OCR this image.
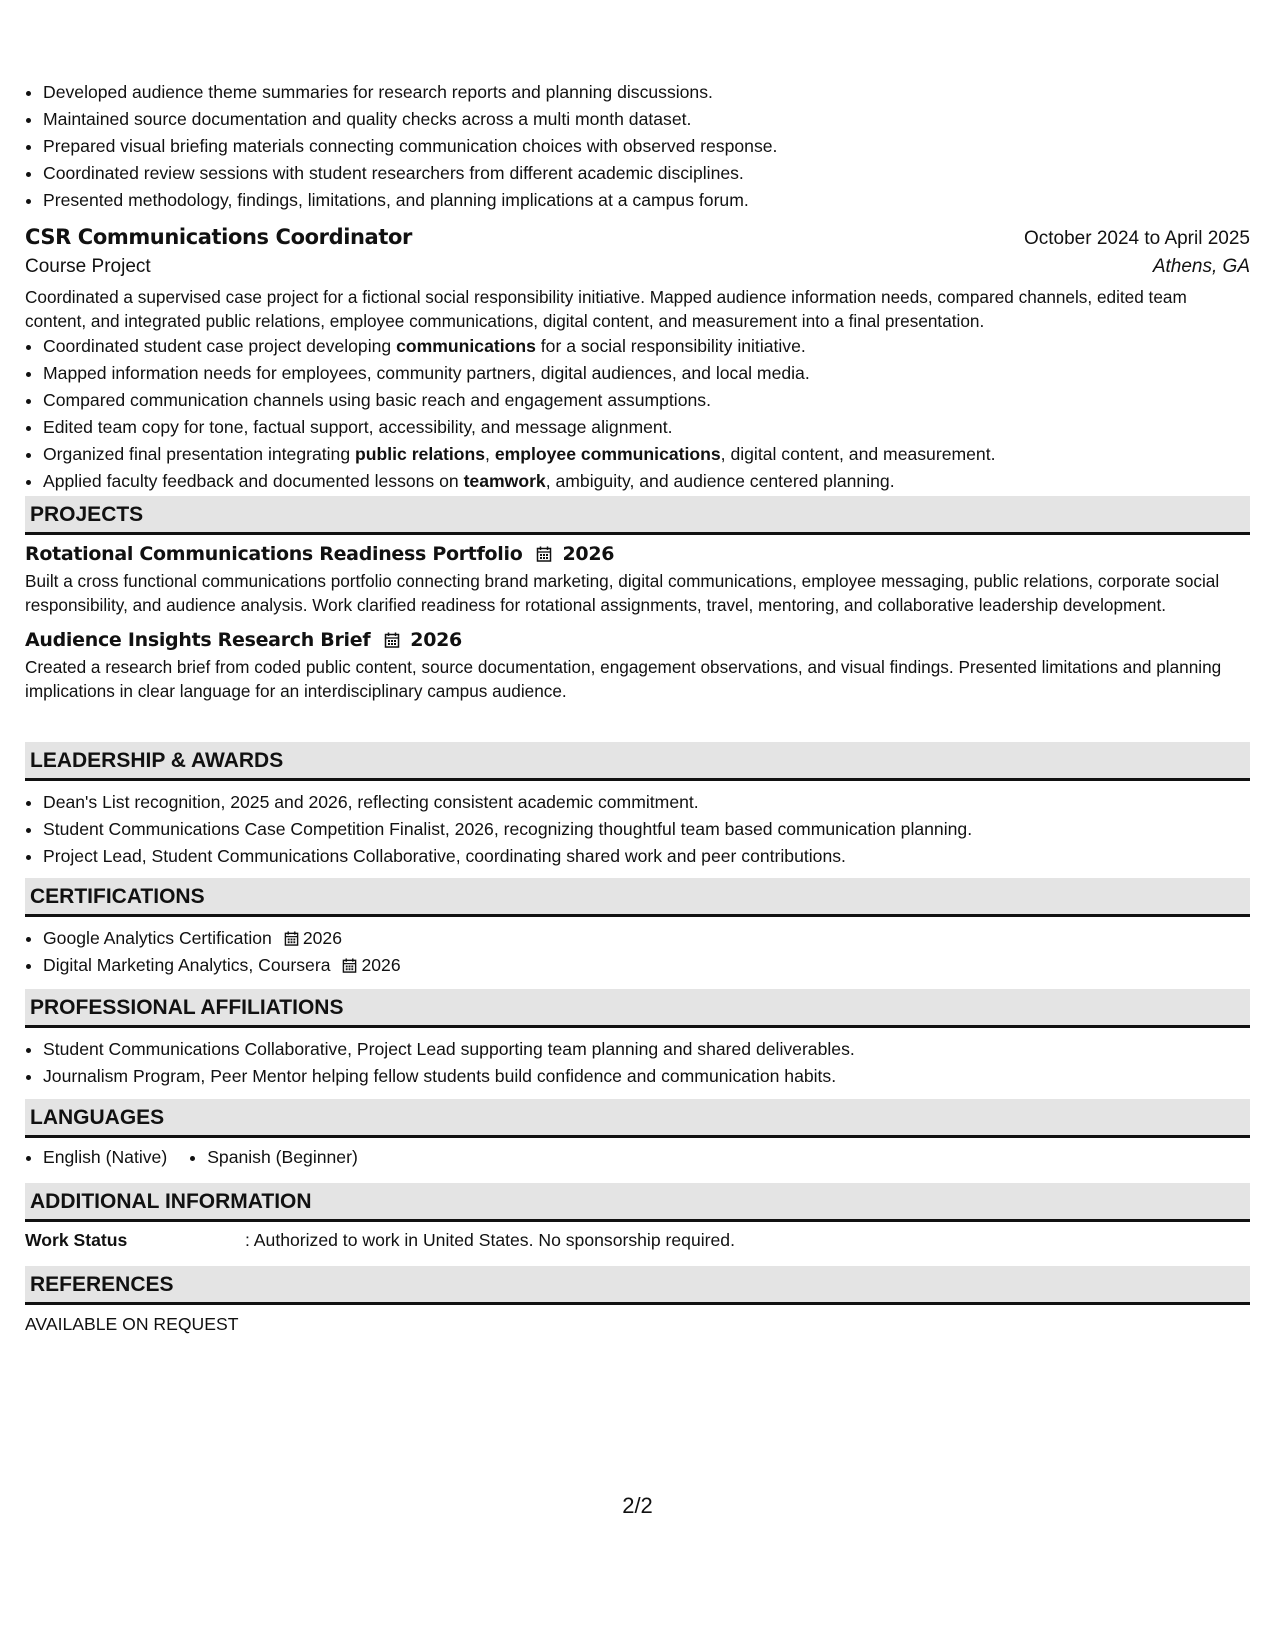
• Developed audience theme summaries for research reports and planning discussions.
• Maintained source documentation and quality checks across a multi month dataset.
• Prepared visual briefing materials connecting communication choices with observed response.
• Coordinated review sessions with student researchers from different academic disciplines.
• Presented methodology, findings, limitations, and planning implications at a campus forum.
CSR Communications Coordinator	October 2024 to April 2025
Course Project	Athens, GA
Coordinated a supervised case project for a fictional social responsibility initiative. Mapped audience information needs, compared channels, edited team content, and integrated public relations, employee communications, digital content, and measurement into a final presentation.
• Coordinated student case project developing communications for a social responsibility initiative.
• Mapped information needs for employees, community partners, digital audiences, and local media.
• Compared communication channels using basic reach and engagement assumptions.
• Edited team copy for tone, factual support, accessibility, and message alignment.
• Organized final presentation integrating public relations, employee communications, digital content, and measurement.
• Applied faculty feedback and documented lessons on teamwork, ambiguity, and audience centered planning.
PROJECTS
Rotational Communications Readiness Portfolio 2026
Built a cross functional communications portfolio connecting brand marketing, digital communications, employee messaging, public relations, corporate social responsibility, and audience analysis. Work clarified readiness for rotational assignments, travel, mentoring, and collaborative leadership development.
Audience Insights Research Brief 2026
Created a research brief from coded public content, source documentation, engagement observations, and visual findings. Presented limitations and planning implications in clear language for an interdisciplinary campus audience.
LEADERSHIP & AWARDS
• Dean's List recognition, 2025 and 2026, reflecting consistent academic commitment.
• Student Communications Case Competition Finalist, 2026, recognizing thoughtful team based communication planning.
• Project Lead, Student Communications Collaborative, coordinating shared work and peer contributions.
CERTIFICATIONS
• Google Analytics Certification 2026
• Digital Marketing Analytics, Coursera 2026
PROFESSIONAL AFFILIATIONS
• Student Communications Collaborative, Project Lead supporting team planning and shared deliverables.
• Journalism Program, Peer Mentor helping fellow students build confidence and communication habits.
LANGUAGES
• English (Native)
• Spanish (Beginner)
ADDITIONAL INFORMATION
Work Status	: Authorized to work in United States. No sponsorship required.
REFERENCES
AVAILABLE ON REQUEST
2/2
